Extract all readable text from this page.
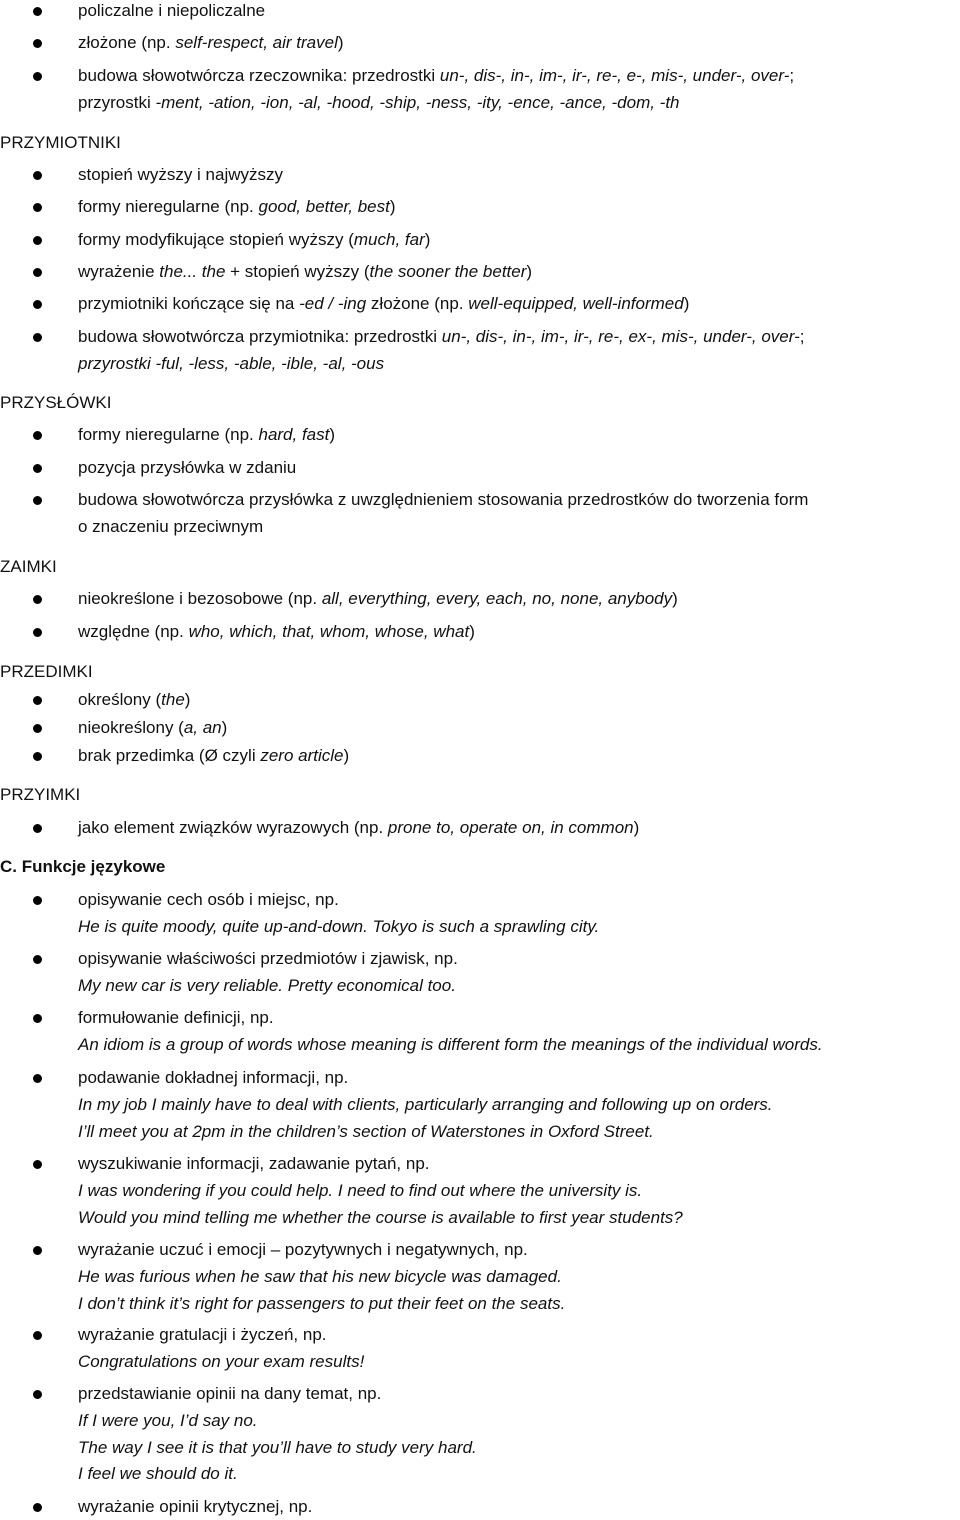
policzalne i niepoliczalne
złożone (np. self-respect, air travel)
budowa słowotwórcza rzeczownika: przedrostki un-, dis-, in-, im-, ir-, re-, e-, mis-, under-, over-;
przyrostki -ment, -ation, -ion, -al, -hood, -ship, -ness, -ity, -ence, -ance, -dom, -th
PRZYMIOTNIKI
stopień wyższy i najwyższy
formy nieregularne (np. good, better, best)
formy modyfikujące stopień wyższy (much, far)
wyrażenie the... the + stopień wyższy (the sooner the better)
przymiotniki kończące się na -ed / -ing złożone (np. well-equipped, well-informed)
budowa słowotwórcza przymiotnika: przedrostki un-, dis-, in-, im-, ir-, re-, ex-, mis-, under-, over-;
przyrostki -ful, -less, -able, -ible, -al, -ous
PRZYSŁÓWKI
formy nieregularne (np. hard, fast)
pozycja przysłówka w zdaniu
budowa słowotwórcza przysłówka z uwzględnieniem stosowania przedrostków do tworzenia form
o znaczeniu przeciwnym
ZAIMKI
nieokreślone i bezosobowe (np. all, everything, every, each, no, none, anybody)
względne (np. who, which, that, whom, whose, what)
PRZEDIMKI
określony (the)
nieokreślony (a, an)
brak przedimka (Ø czyli zero article)
PRZYIMKI
jako element związków wyrazowych (np. prone to, operate on, in common)
C. Funkcje językowe
opisywanie cech osób i miejsc, np.
He is quite moody, quite up-and-down. Tokyo is such a sprawling city.
opisywanie właściwości przedmiotów i zjawisk, np.
My new car is very reliable. Pretty economical too.
formułowanie definicji, np.
An idiom is a group of words whose meaning is different form the meanings of the individual words.
podawanie dokładnej informacji, np.
In my job I mainly have to deal with clients, particularly arranging and following up on orders.
I’ll meet you at 2pm in the children’s section of Waterstones in Oxford Street.
wyszukiwanie informacji, zadawanie pytań, np.
I was wondering if you could help. I need to find out where the university is.
Would you mind telling me whether the course is available to first year students?
wyrażanie uczuć i emocji – pozytywnych i negatywnych, np.
He was furious when he saw that his new bicycle was damaged.
I don’t think it’s right for passengers to put their feet on the seats.
wyrażanie gratulacji i życzeń, np.
Congratulations on your exam results!
przedstawianie opinii na dany temat, np.
If I were you, I’d say no.
The way I see it is that you’ll have to study very hard.
I feel we should do it.
wyrażanie opinii krytycznej, np.
